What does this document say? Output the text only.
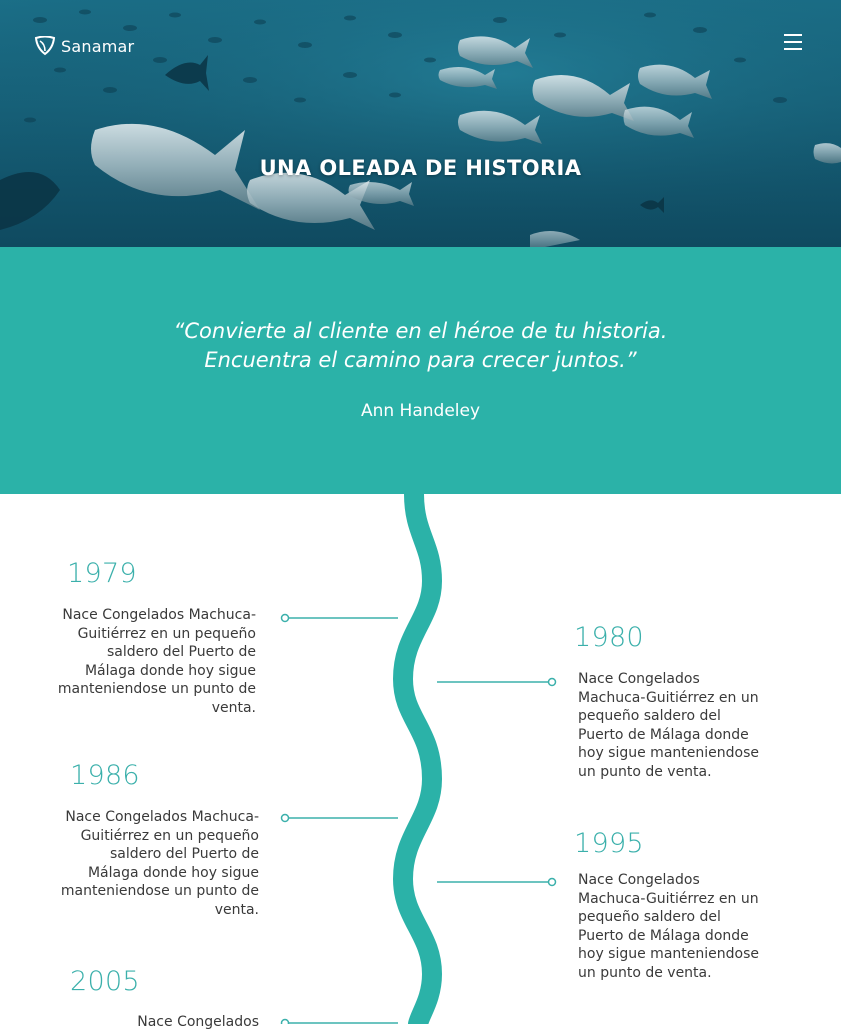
Sanamar
UNA OLEADA DE HISTORIA
“Convierte al cliente en el héroe de tu historia.
Encuentra el camino para crecer juntos.”
Ann Handeley
1979
Nace Congelados Machuca-Guitiérrez en un pequeño saldero del Puerto de Málaga donde hoy sigue manteniendose un punto de venta.
1980
Nace Congelados Machuca-Guitiérrez en un pequeño saldero del Puerto de Málaga donde hoy sigue manteniendose un punto de venta.
1986
Nace Congelados Machuca-Guitiérrez en un pequeño saldero del Puerto de Málaga donde hoy sigue manteniendose un punto de venta.
1995
Nace Congelados Machuca-Guitiérrez en un pequeño saldero del Puerto de Málaga donde hoy sigue manteniendose un punto de venta.
2005
Nace Congelados
